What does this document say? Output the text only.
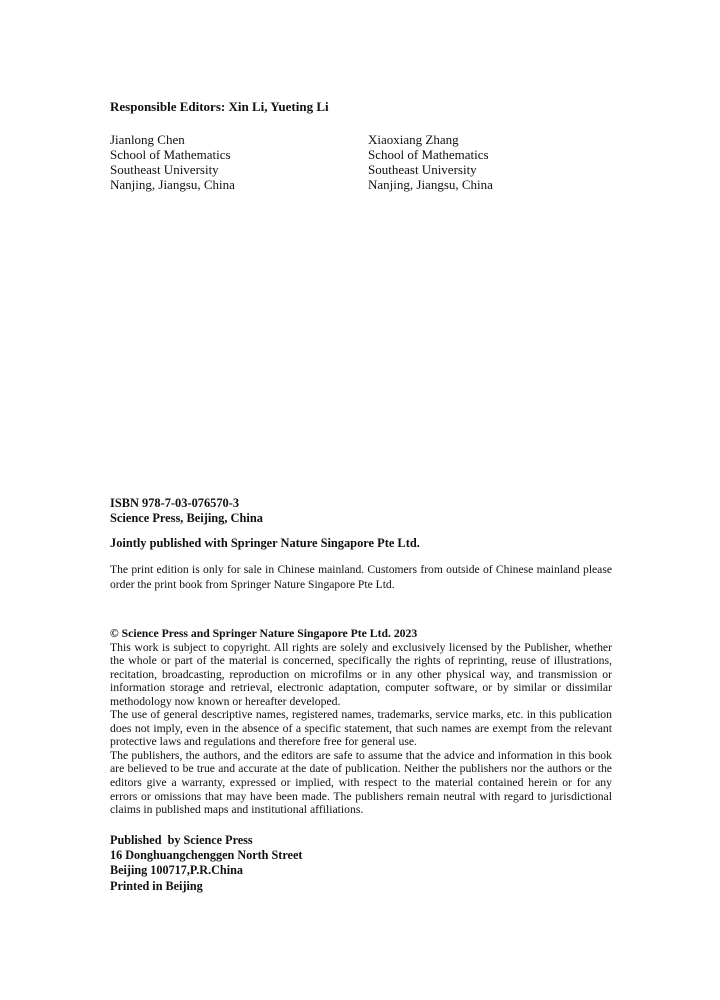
Responsible Editors: Xin Li, Yueting Li
Jianlong Chen
School of Mathematics
Southeast University
Nanjing, Jiangsu, China
Xiaoxiang Zhang
School of Mathematics
Southeast University
Nanjing, Jiangsu, China
ISBN 978-7-03-076570-3
Science Press, Beijing, China
Jointly published with Springer Nature Singapore Pte Ltd.

The print edition is only for sale in Chinese mainland. Customers from outside of Chinese mainland please order the print book from Springer Nature Singapore Pte Ltd.

© Science Press and Springer Nature Singapore Pte Ltd. 2023

This work is subject to copyright. All rights are solely and exclusively licensed by the Publisher, whether the whole or part of the material is concerned, specifically the rights of reprinting, reuse of illustrations, recitation, broadcasting, reproduction on microfilms or in any other physical way, and transmission or information storage and retrieval, electronic adaptation, computer software, or by similar or dissimilar methodology now known or hereafter developed.

The use of general descriptive names, registered names, trademarks, service marks, etc. in this publication does not imply, even in the absence of a specific statement, that such names are exempt from the relevant protective laws and regulations and therefore free for general use.

The publishers, the authors, and the editors are safe to assume that the advice and information in this book are believed to be true and accurate at the date of publication. Neither the publishers nor the authors or the editors give a warranty, expressed or implied, with respect to the material contained herein or for any errors or omissions that may have been made. The publishers remain neutral with regard to jurisdictional claims in published maps and institutional affiliations.

Published  by Science Press
16 Donghuangchenggen North Street
Beijing 100717,P.R.China
Printed in Beijing
